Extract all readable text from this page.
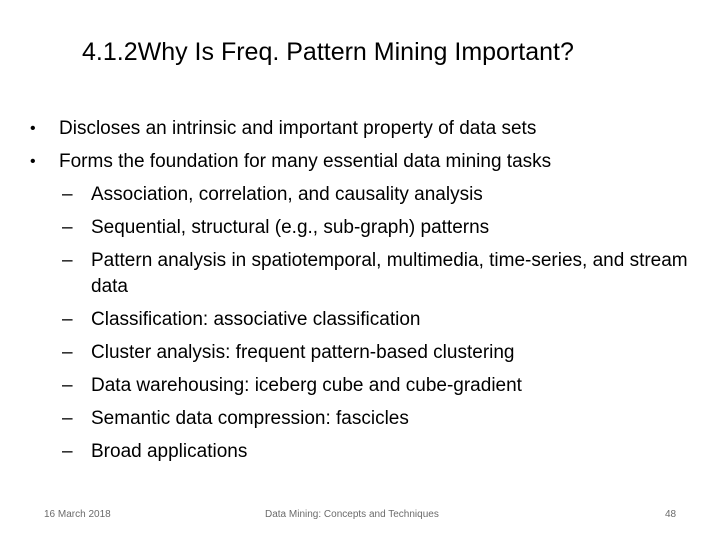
4.1.2Why Is Freq. Pattern Mining Important?
• Discloses an intrinsic and important property of data sets
• Forms the foundation for many essential data mining tasks
– Association, correlation, and causality analysis
– Sequential, structural (e.g., sub-graph) patterns
– Pattern analysis in spatiotemporal, multimedia, time-series, and stream data
– Classification: associative classification
– Cluster analysis: frequent pattern-based clustering
– Data warehousing: iceberg cube and cube-gradient
– Semantic data compression: fascicles
– Broad applications
16 March 2018	Data Mining: Concepts and Techniques	48
